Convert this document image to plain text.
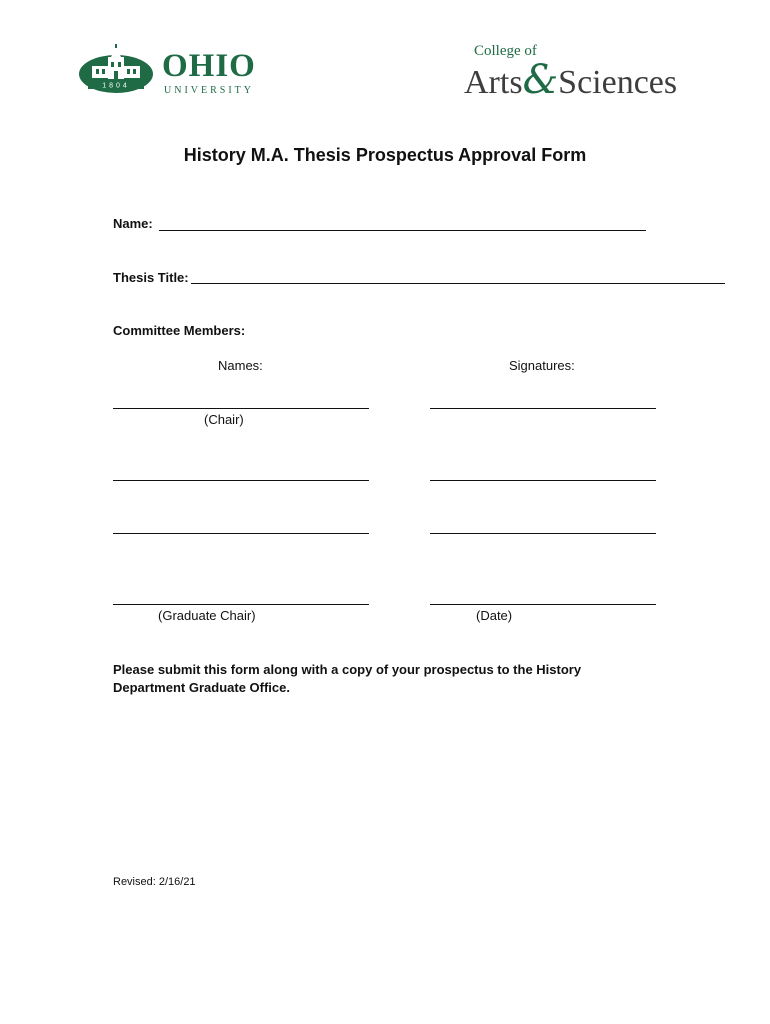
1804
OHIO
UNIVERSITY
College of
Arts&Sciences
History M.A. Thesis Prospectus Approval Form
Name:
Thesis Title:
Committee Members:
Names:	Signatures:
(Chair)
(Graduate Chair)	(Date)
Please submit this form along with a copy of your prospectus to the History Department Graduate Office.
Revised: 2/16/21
